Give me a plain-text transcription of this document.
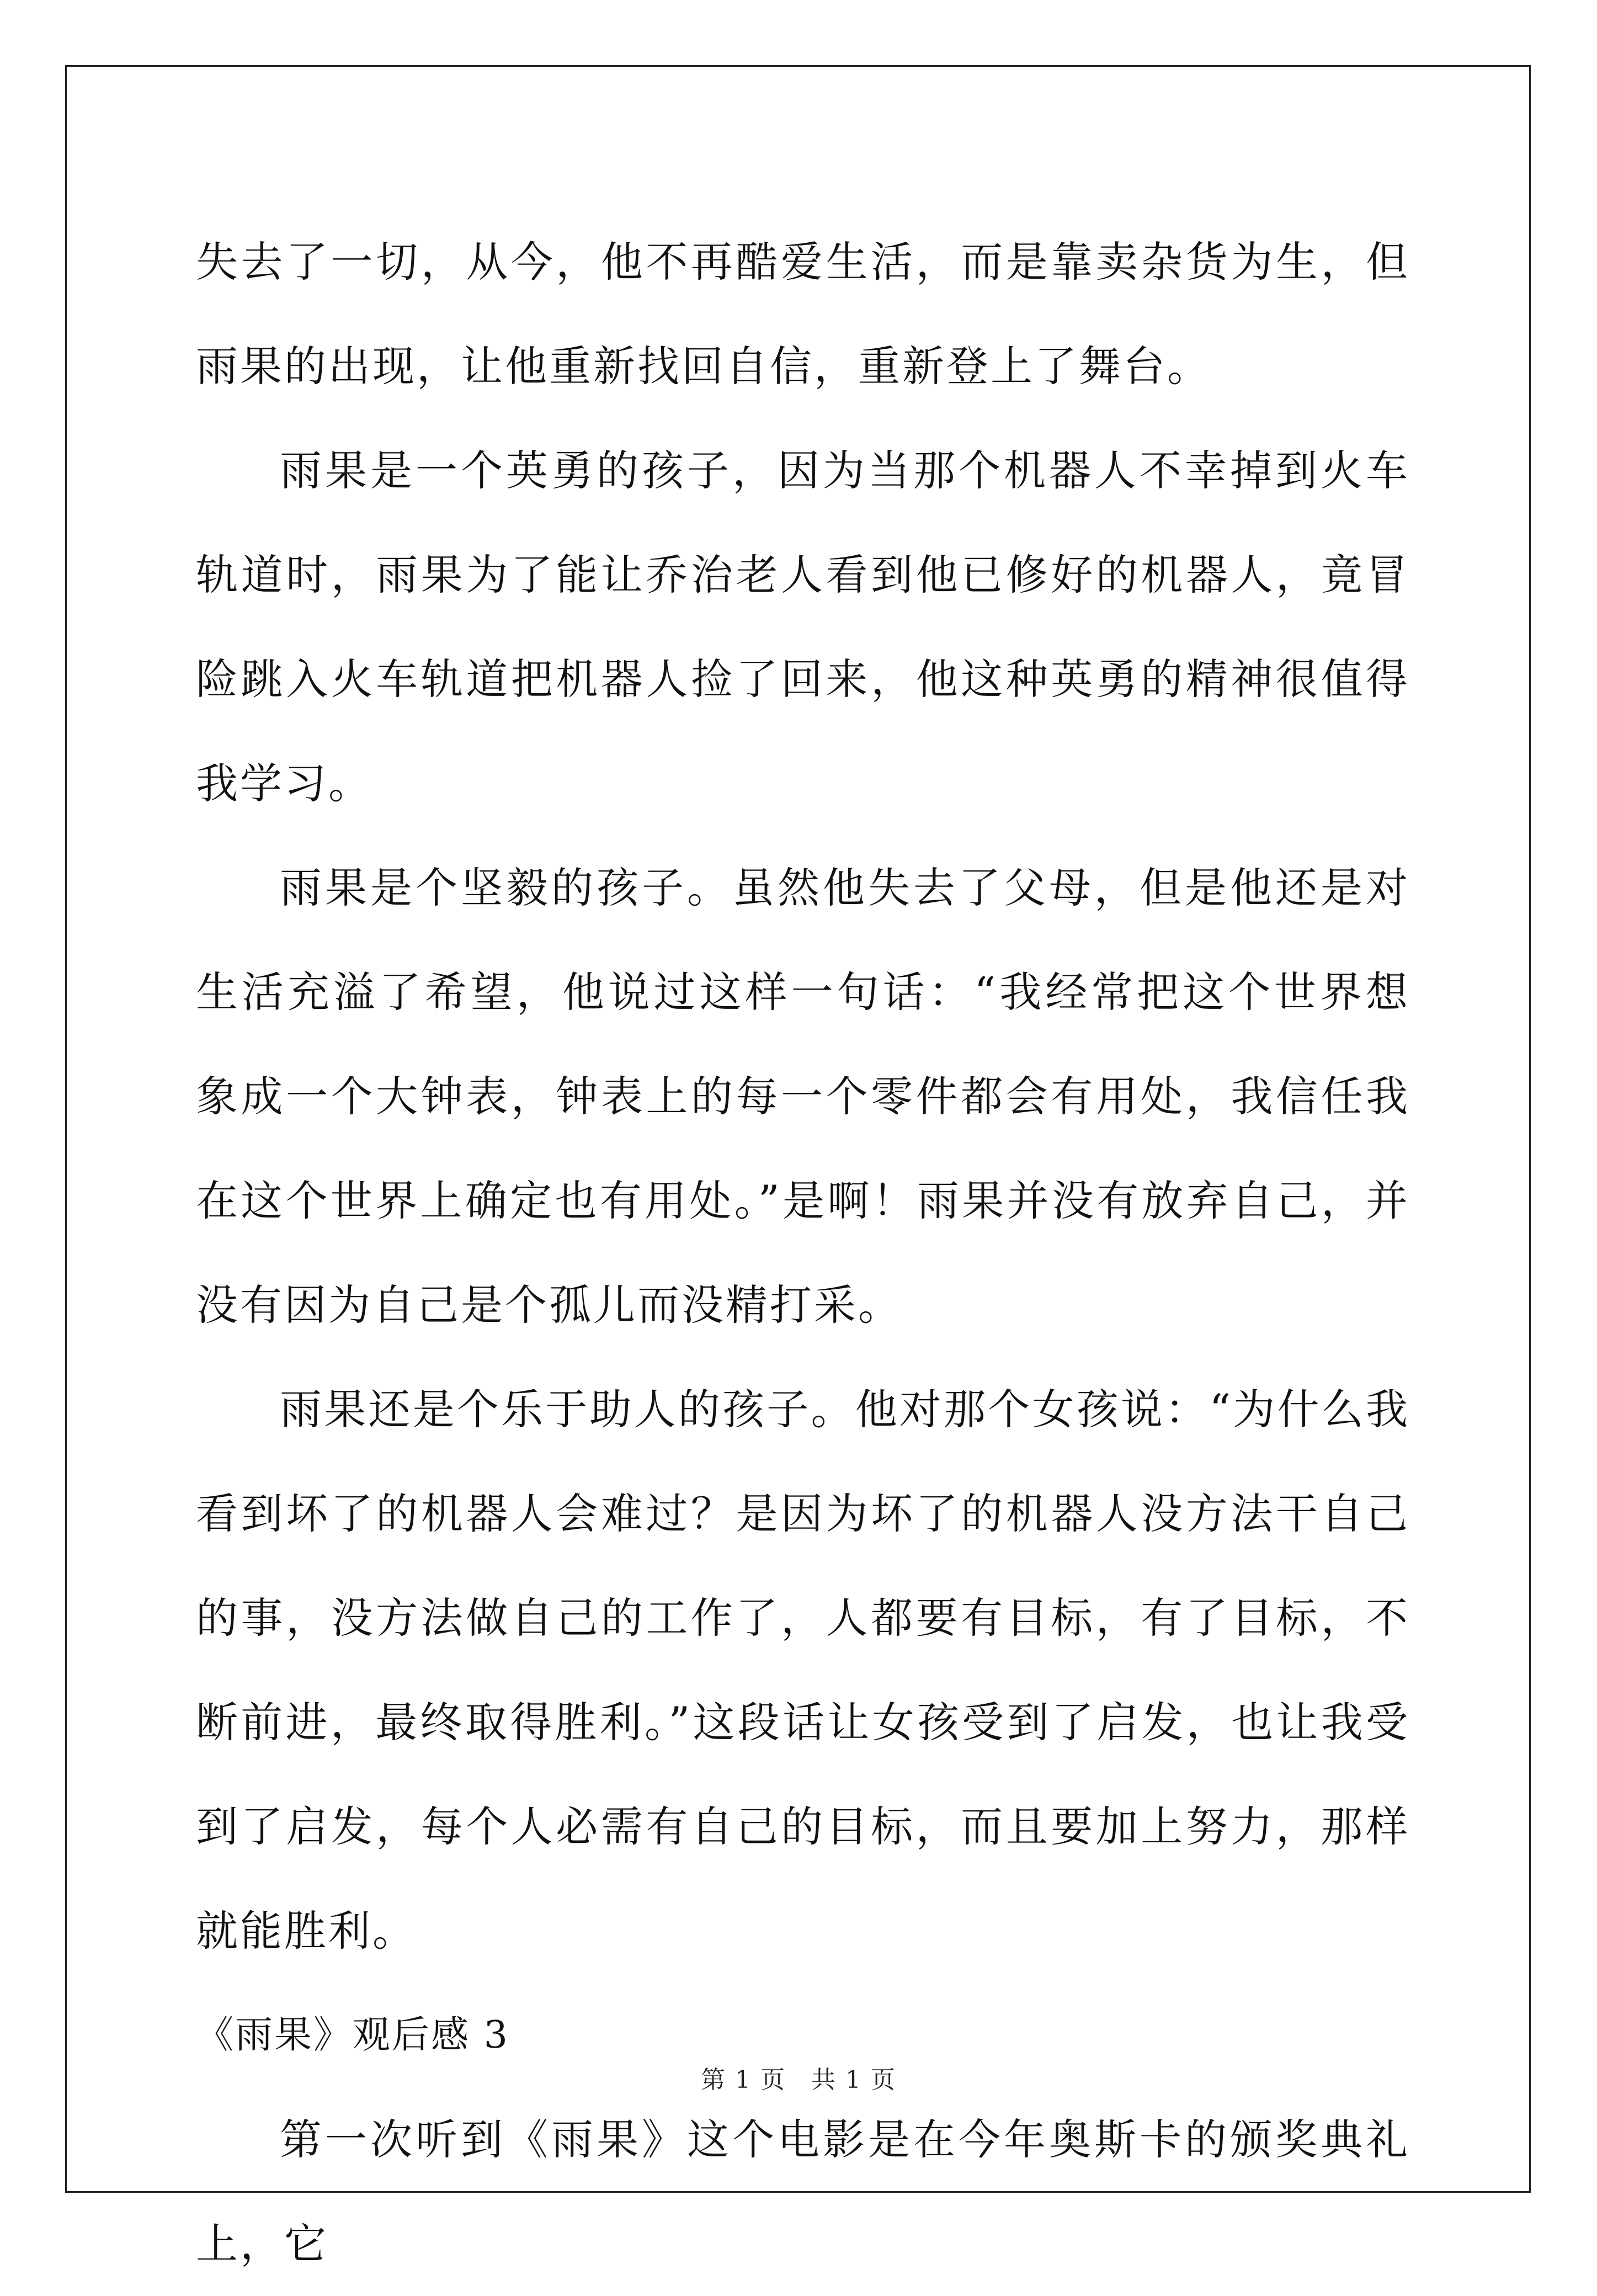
失去了一切，从今，他不再酷爱生活，而是靠卖杂货为生，但雨果的出现，让他重新找回自信，重新登上了舞台。

雨果是一个英勇的孩子，因为当那个机器人不幸掉到火车轨道时，雨果为了能让乔治老人看到他已修好的机器人，竟冒险跳入火车轨道把机器人捡了回来，他这种英勇的精神很值得我学习。

雨果是个坚毅的孩子。虽然他失去了父母，但是他还是对生活充溢了希望，他说过这样一句话：“我经常把这个世界想象成一个大钟表，钟表上的每一个零件都会有用处，我信任我在这个世界上确定也有用处。”是啊！雨果并没有放弃自己，并没有因为自己是个孤儿而没精打采。

雨果还是个乐于助人的孩子。他对那个女孩说：“为什么我看到坏了的机器人会难过？是因为坏了的机器人没方法干自己的事，没方法做自己的工作了，人都要有目标，有了目标，不断前进，最终取得胜利。”这段话让女孩受到了启发，也让我受到了启发，每个人必需有自己的目标，而且要加上努力，那样就能胜利。

《雨果》观后感 3

第一次听到《雨果》这个电影是在今年奥斯卡的颁奖典礼上，它

第 1 页　共 1 页
